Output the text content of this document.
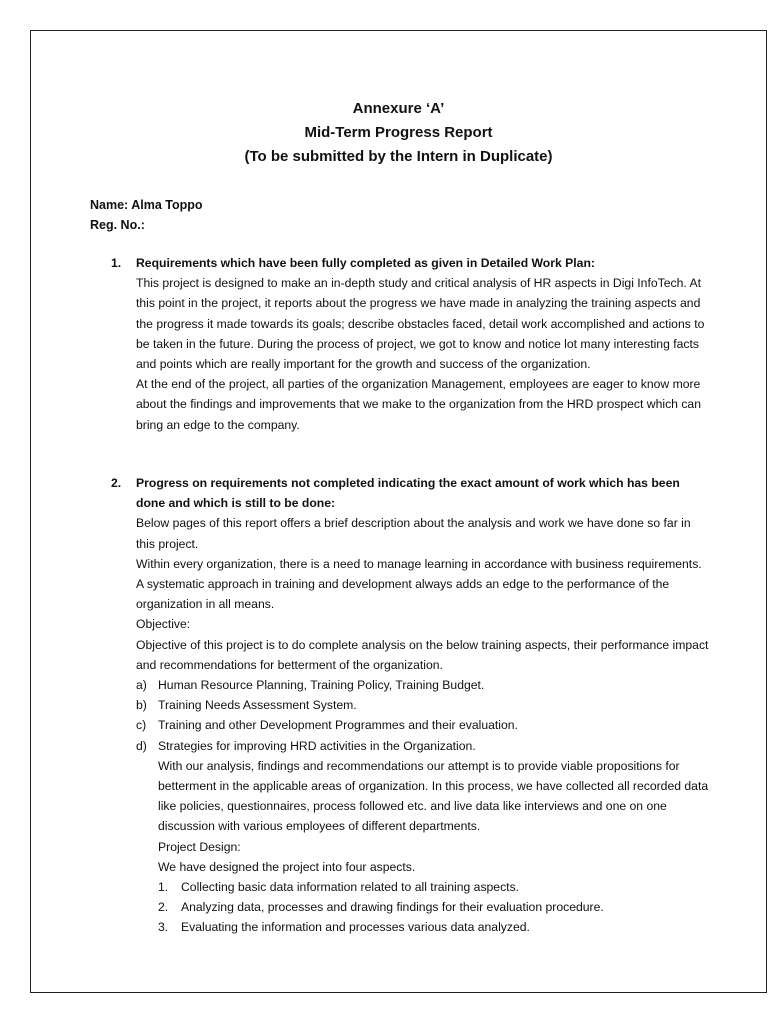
Annexure ‘A’
Mid-Term Progress Report
(To be submitted by the Intern in Duplicate)
Name: Alma Toppo
Reg. No.:
1. Requirements which have been fully completed as given in Detailed Work Plan:

This project is designed to make an in-depth study and critical analysis of HR aspects in Digi InfoTech. At this point in the project, it reports about the progress we have made in analyzing the training aspects and the progress it made towards its goals; describe obstacles faced, detail work accomplished and actions to be taken in the future. During the process of project, we got to know and notice lot many interesting facts and points which are really important for the growth and success of the organization.

At the end of the project, all parties of the organization Management, employees are eager to know more about the findings and improvements that we make to the organization from the HRD prospect which can bring an edge to the company.

2. Progress on requirements not completed indicating the exact amount of work which has been done and which is still to be done:

Below pages of this report offers a brief description about the analysis and work we have done so far in this project.

Within every organization, there is a need to manage learning in accordance with business requirements. A systematic approach in training and development always adds an edge to the performance of the organization in all means.

Objective:

Objective of this project is to do complete analysis on the below training aspects, their performance impact and recommendations for betterment of the organization.

a) Human Resource Planning, Training Policy, Training Budget.
b) Training Needs Assessment System.
c) Training and other Development Programmes and their evaluation.
d) Strategies for improving HRD activities in the Organization.

With our analysis, findings and recommendations our attempt is to provide viable propositions for betterment in the applicable areas of organization. In this process, we have collected all recorded data like policies, questionnaires, process followed etc. and live data like interviews and one on one discussion with various employees of different departments.

Project Design:

We have designed the project into four aspects.

1. Collecting basic data information related to all training aspects.
2. Analyzing data, processes and drawing findings for their evaluation procedure.
3. Evaluating the information and processes various data analyzed.
